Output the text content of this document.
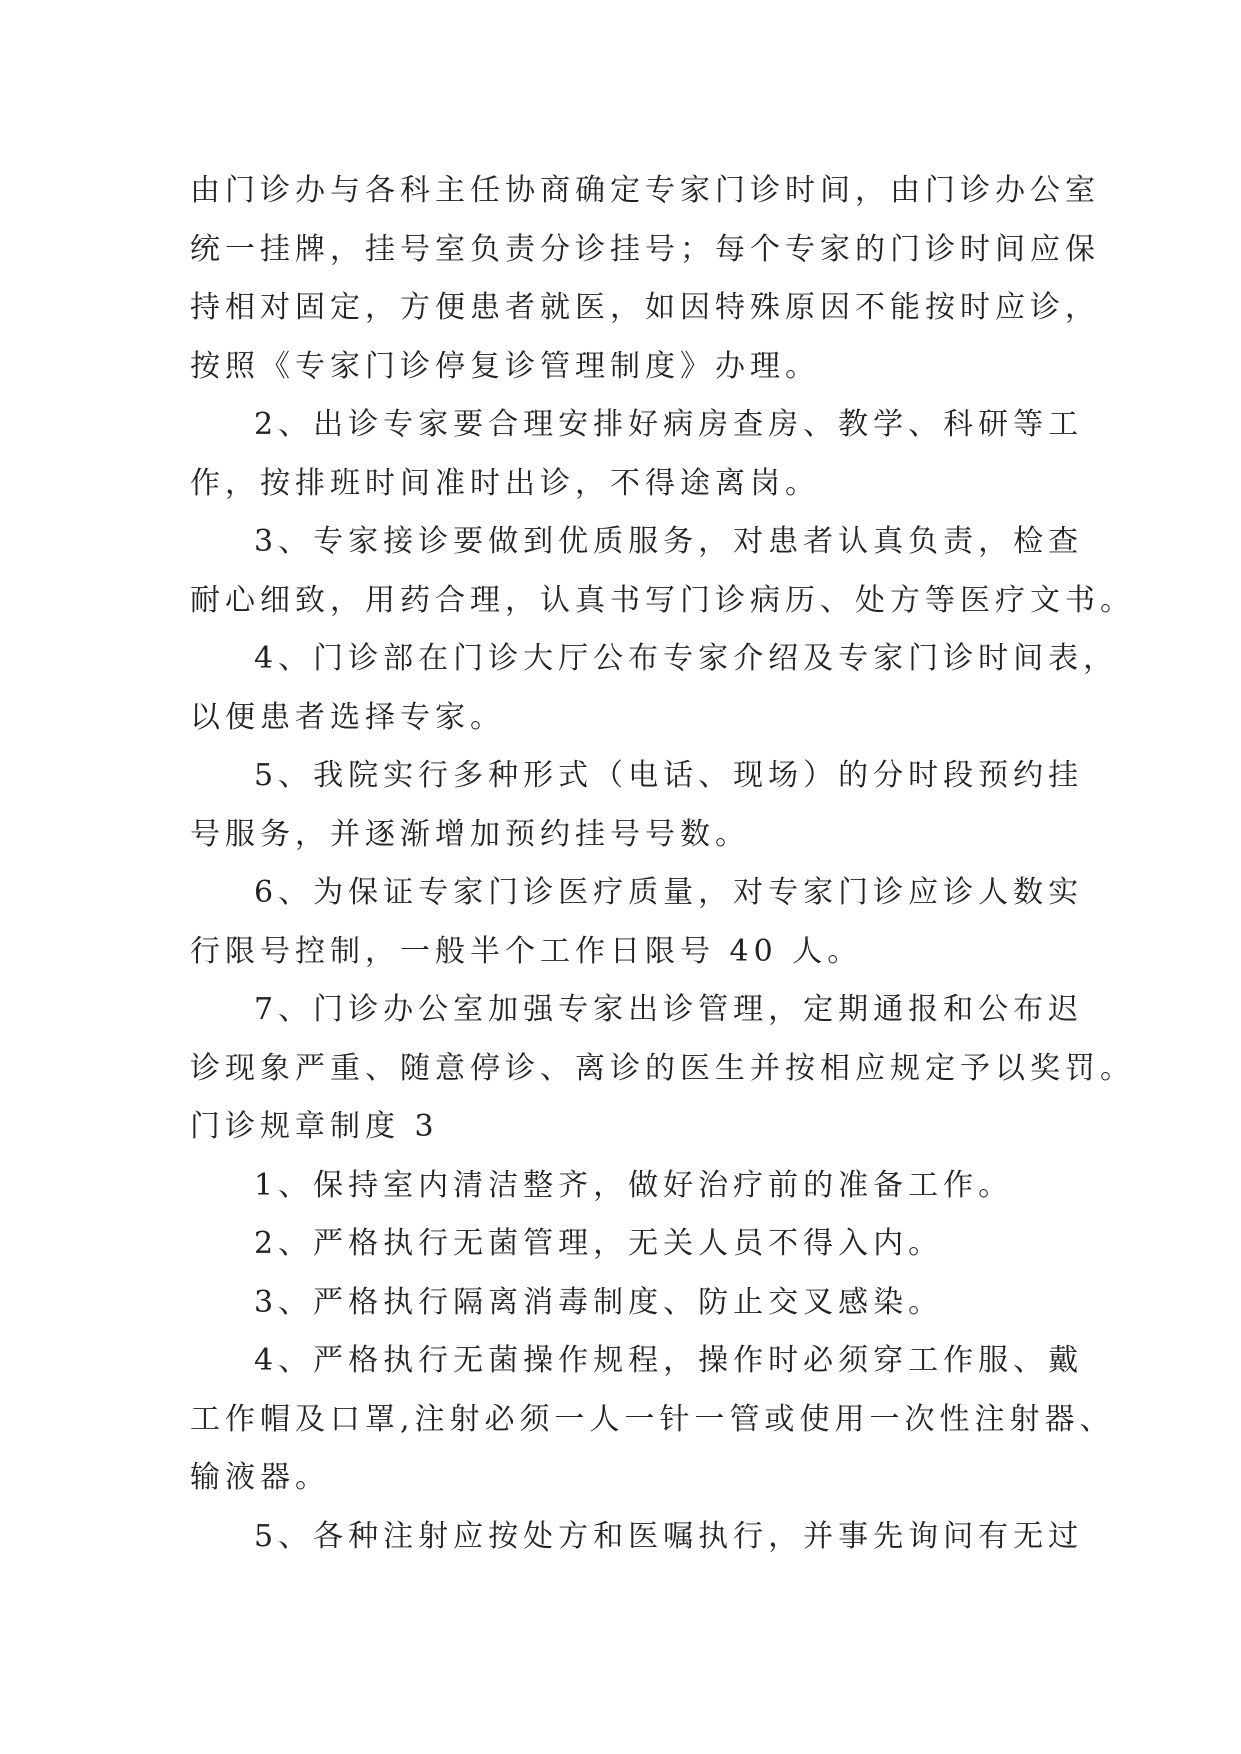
由门诊办与各科主任协商确定专家门诊时间，由门诊办公室
统一挂牌，挂号室负责分诊挂号；每个专家的门诊时间应保
持相对固定，方便患者就医，如因特殊原因不能按时应诊，
按照《专家门诊停复诊管理制度》办理。
2、出诊专家要合理安排好病房查房、教学、科研等工
作，按排班时间准时出诊，不得途离岗。
3、专家接诊要做到优质服务，对患者认真负责，检查
耐心细致，用药合理，认真书写门诊病历、处方等医疗文书。
4、门诊部在门诊大厅公布专家介绍及专家门诊时间表，
以便患者选择专家。
5、我院实行多种形式（电话、现场）的分时段预约挂
号服务，并逐渐增加预约挂号号数。
6、为保证专家门诊医疗质量，对专家门诊应诊人数实
行限号控制，一般半个工作日限号 40 人。
7、门诊办公室加强专家出诊管理，定期通报和公布迟
诊现象严重、随意停诊、离诊的医生并按相应规定予以奖罚。
门诊规章制度 3
1、保持室内清洁整齐，做好治疗前的准备工作。
2、严格执行无菌管理，无关人员不得入内。
3、严格执行隔离消毒制度、防止交叉感染。
4、严格执行无菌操作规程，操作时必须穿工作服、戴
工作帽及口罩,注射必须一人一针一管或使用一次性注射器、
输液器。
5、各种注射应按处方和医嘱执行，并事先询问有无过
